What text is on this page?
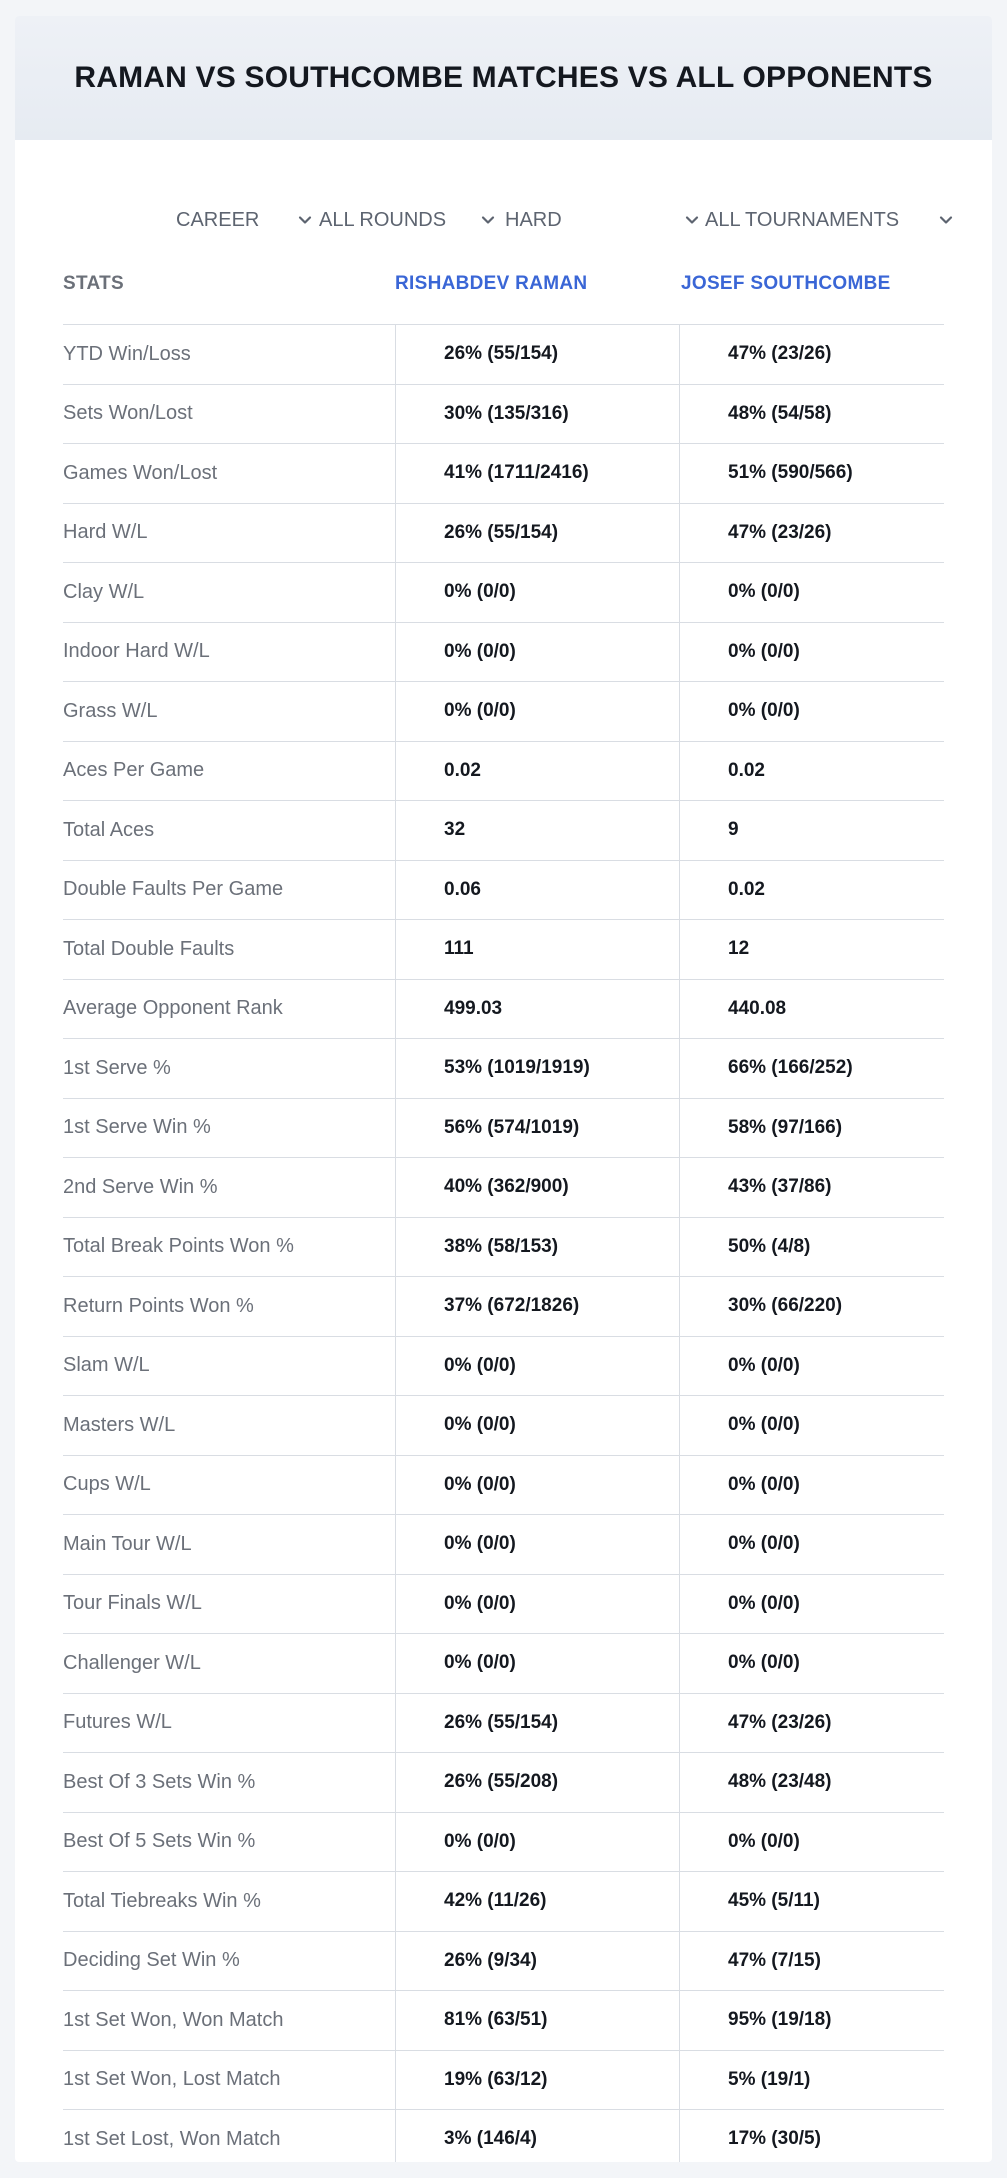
RAMAN VS SOUTHCOMBE MATCHES VS ALL OPPONENTS
CAREER	ALL ROUNDS	HARD	ALL TOURNAMENTS
STATS	RISHABDEV RAMAN	JOSEF SOUTHCOMBE
YTD Win/Loss	26% (55/154)	47% (23/26)
Sets Won/Lost	30% (135/316)	48% (54/58)
Games Won/Lost	41% (1711/2416)	51% (590/566)
Hard W/L	26% (55/154)	47% (23/26)
Clay W/L	0% (0/0)	0% (0/0)
Indoor Hard W/L	0% (0/0)	0% (0/0)
Grass W/L	0% (0/0)	0% (0/0)
Aces Per Game	0.02	0.02
Total Aces	32	9
Double Faults Per Game	0.06	0.02
Total Double Faults	111	12
Average Opponent Rank	499.03	440.08
1st Serve %	53% (1019/1919)	66% (166/252)
1st Serve Win %	56% (574/1019)	58% (97/166)
2nd Serve Win %	40% (362/900)	43% (37/86)
Total Break Points Won %	38% (58/153)	50% (4/8)
Return Points Won %	37% (672/1826)	30% (66/220)
Slam W/L	0% (0/0)	0% (0/0)
Masters W/L	0% (0/0)	0% (0/0)
Cups W/L	0% (0/0)	0% (0/0)
Main Tour W/L	0% (0/0)	0% (0/0)
Tour Finals W/L	0% (0/0)	0% (0/0)
Challenger W/L	0% (0/0)	0% (0/0)
Futures W/L	26% (55/154)	47% (23/26)
Best Of 3 Sets Win %	26% (55/208)	48% (23/48)
Best Of 5 Sets Win %	0% (0/0)	0% (0/0)
Total Tiebreaks Win %	42% (11/26)	45% (5/11)
Deciding Set Win %	26% (9/34)	47% (7/15)
1st Set Won, Won Match	81% (63/51)	95% (19/18)
1st Set Won, Lost Match	19% (63/12)	5% (19/1)
1st Set Lost, Won Match	3% (146/4)	17% (30/5)
